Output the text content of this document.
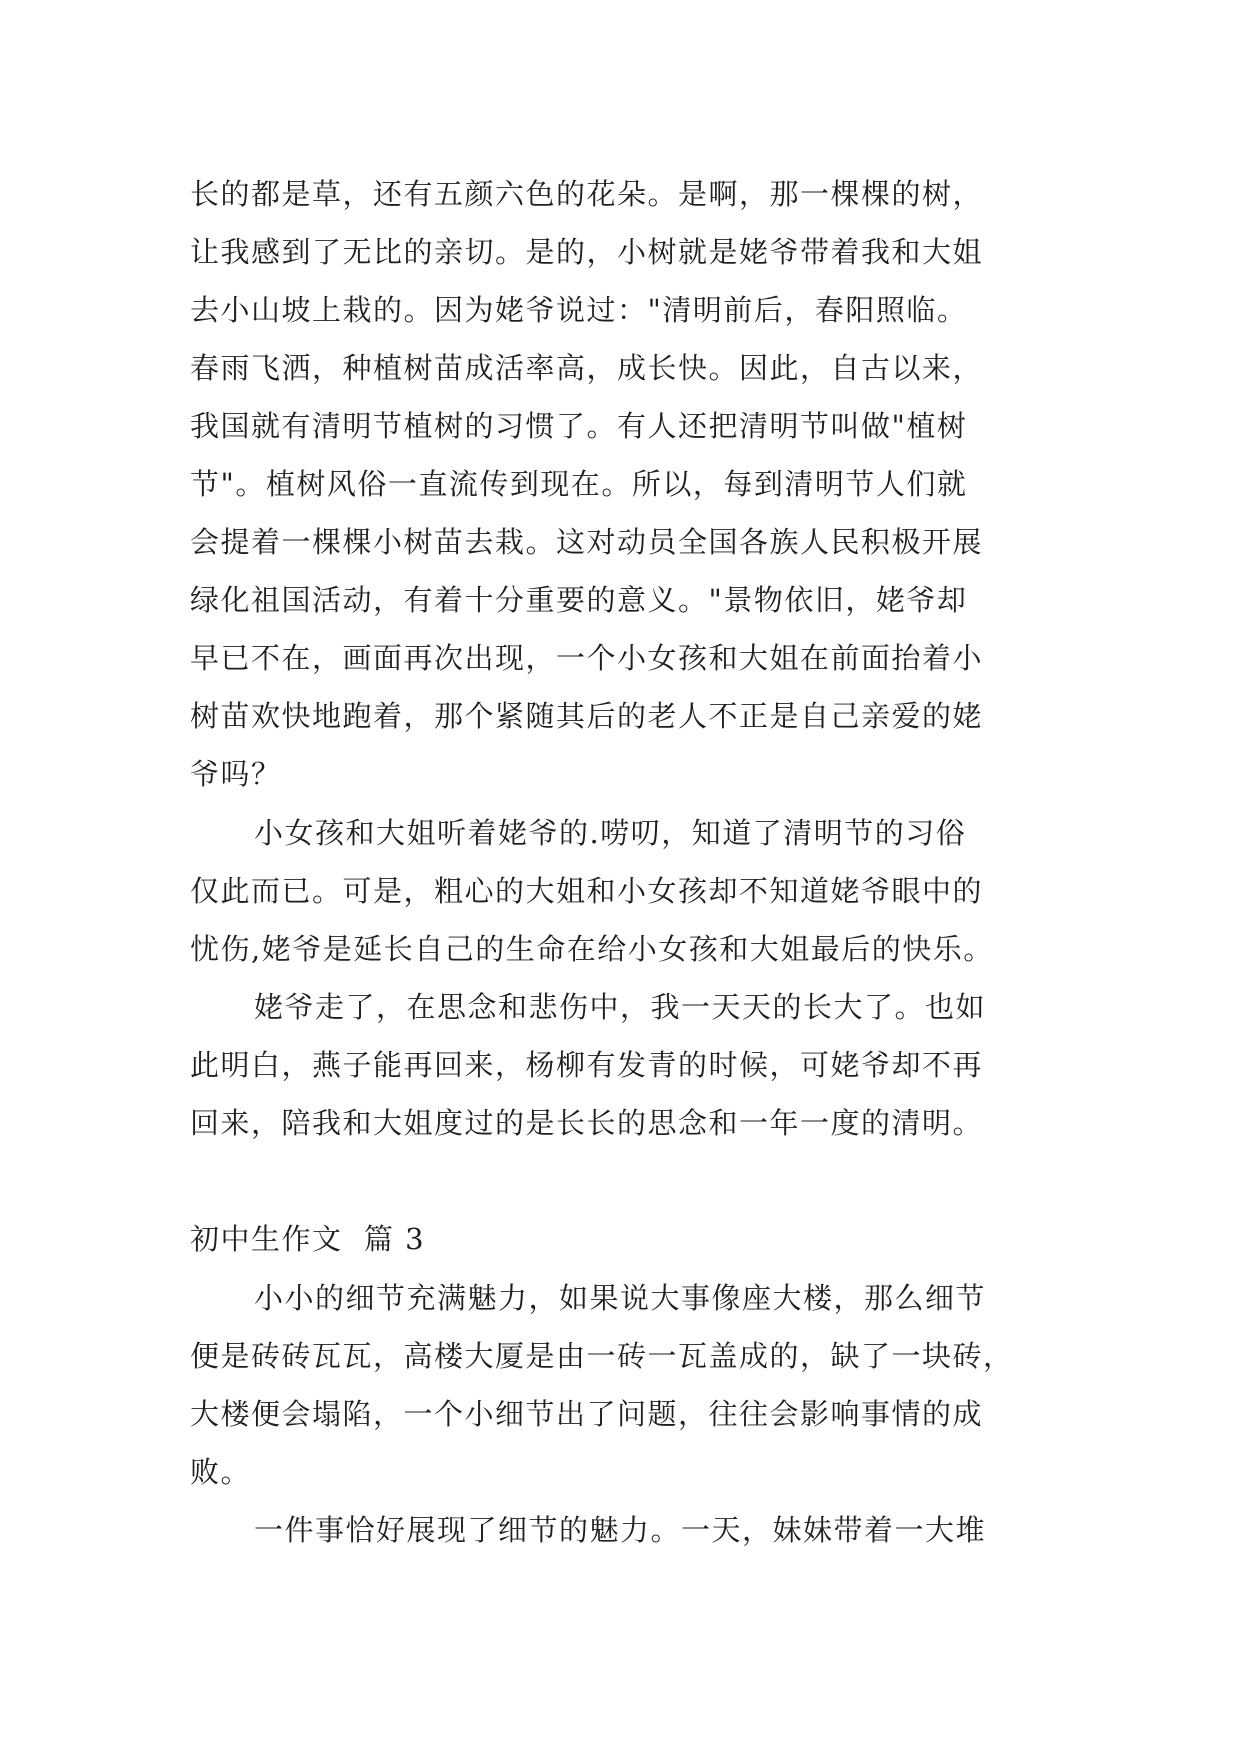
长的都是草，还有五颜六色的花朵。是啊，那一棵棵的树，

让我感到了无比的亲切。是的，小树就是姥爷带着我和大姐

去小山坡上栽的。因为姥爷说过："清明前后，春阳照临。

春雨飞洒，种植树苗成活率高，成长快。因此，自古以来，

我国就有清明节植树的习惯了。有人还把清明节叫做"植树

节"。植树风俗一直流传到现在。所以，每到清明节人们就

会提着一棵棵小树苗去栽。这对动员全国各族人民积极开展

绿化祖国活动，有着十分重要的意义。"景物依旧，姥爷却

早已不在，画面再次出现，一个小女孩和大姐在前面抬着小

树苗欢快地跑着，那个紧随其后的老人不正是自己亲爱的姥

爷吗？

小女孩和大姐听着姥爷的.唠叨，知道了清明节的习俗

仅此而已。可是，粗心的大姐和小女孩却不知道姥爷眼中的

忧伤,姥爷是延长自己的生命在给小女孩和大姐最后的快乐。

姥爷走了，在思念和悲伤中，我一天天的长大了。也如

此明白，燕子能再回来，杨柳有发青的时候，可姥爷却不再

回来，陪我和大姐度过的是长长的思念和一年一度的清明。

初中生作文  篇 3

小小的细节充满魅力，如果说大事像座大楼，那么细节

便是砖砖瓦瓦，高楼大厦是由一砖一瓦盖成的，缺了一块砖，

大楼便会塌陷，一个小细节出了问题，往往会影响事情的成

败。

一件事恰好展现了细节的魅力。一天，妹妹带着一大堆
